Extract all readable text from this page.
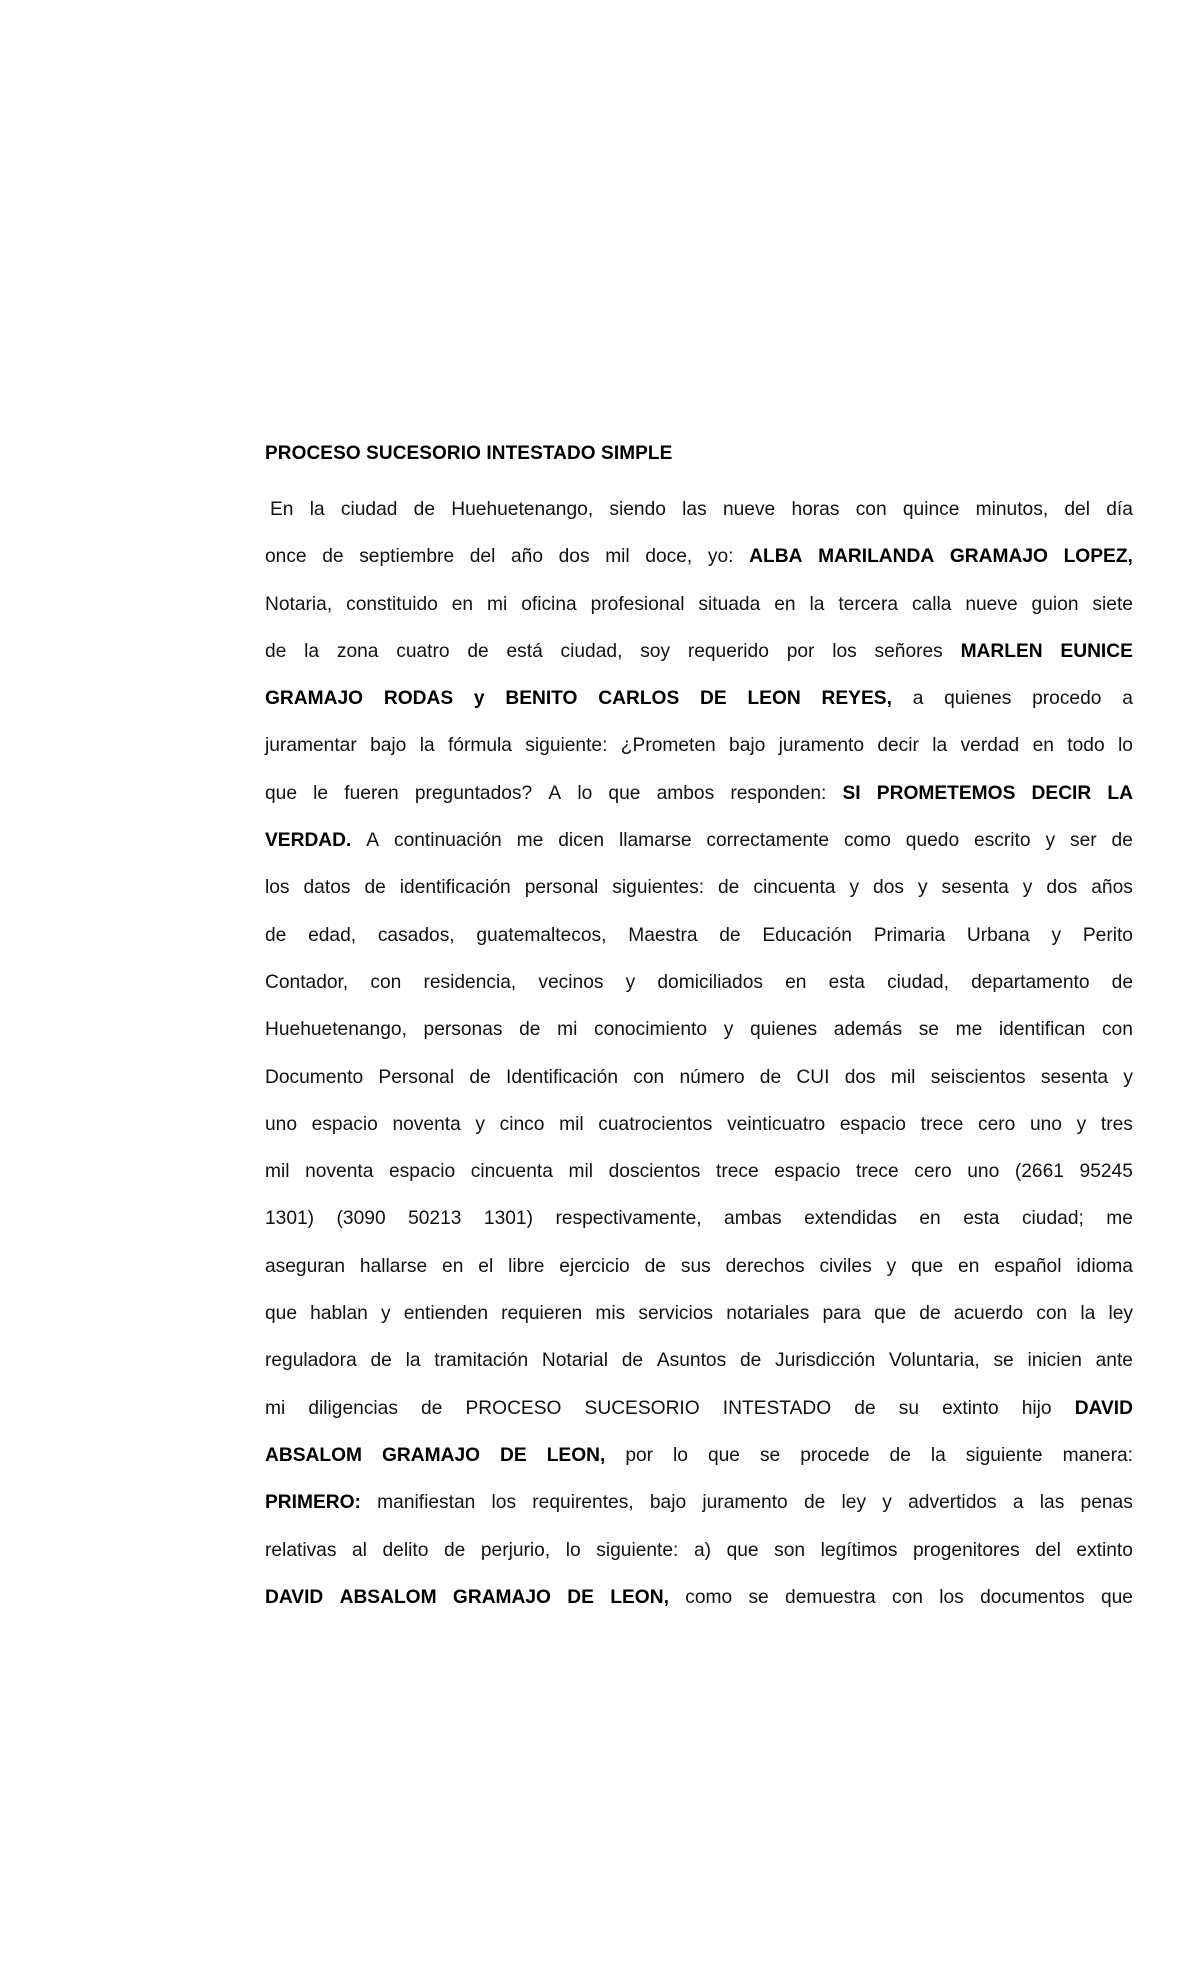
PROCESO SUCESORIO INTESTADO SIMPLE
En la ciudad de Huehuetenango, siendo las nueve horas con quince minutos, del día
once de septiembre del año dos mil doce, yo: ALBA MARILANDA GRAMAJO LOPEZ,
Notaria, constituido en mi oficina profesional situada en la tercera calla nueve guion siete
de la zona cuatro de está ciudad, soy requerido por los señores MARLEN EUNICE
GRAMAJO RODAS y BENITO CARLOS DE LEON REYES, a quienes procedo a
juramentar bajo la fórmula siguiente: ¿Prometen bajo juramento decir la verdad en todo lo
que le fueren preguntados? A lo que ambos responden: SI PROMETEMOS DECIR LA
VERDAD. A continuación me dicen llamarse correctamente como quedo escrito y ser de
los datos de identificación personal siguientes: de cincuenta y dos y sesenta y dos años
de edad, casados, guatemaltecos, Maestra de Educación Primaria Urbana y Perito
Contador, con residencia, vecinos y domiciliados en esta ciudad, departamento de
Huehuetenango, personas de mi conocimiento y quienes además se me identifican con
Documento Personal de Identificación con número de CUI dos mil seiscientos sesenta y
uno espacio noventa y cinco mil cuatrocientos veinticuatro espacio trece cero uno y tres
mil noventa espacio cincuenta mil doscientos trece espacio trece cero uno (2661 95245
1301) (3090 50213 1301) respectivamente, ambas extendidas en esta ciudad; me
aseguran hallarse en el libre ejercicio de sus derechos civiles y que en español idioma
que hablan y entienden requieren mis servicios notariales para que de acuerdo con la ley
reguladora de la tramitación Notarial de Asuntos de Jurisdicción Voluntaria, se inicien ante
mi diligencias de PROCESO SUCESORIO INTESTADO de su extinto hijo DAVID
ABSALOM GRAMAJO DE LEON, por lo que se procede de la siguiente manera:
PRIMERO: manifiestan los requirentes, bajo juramento de ley y advertidos a las penas
relativas al delito de perjurio, lo siguiente: a) que son legítimos progenitores del extinto
DAVID ABSALOM GRAMAJO DE LEON, como se demuestra con los documentos que
